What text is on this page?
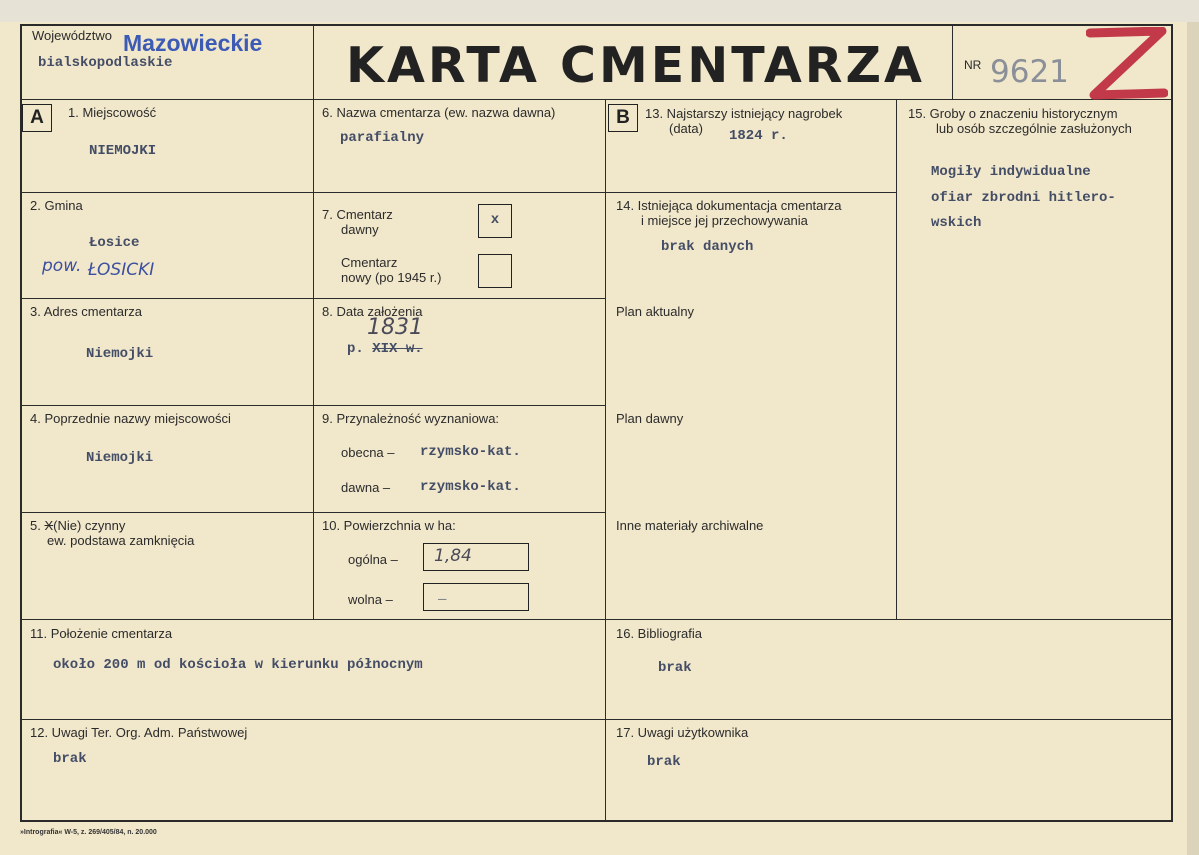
Województwo Mazowieckie
bialskopodlaskie	KARTA CMENTARZA	NR 9621
A	1. Miejscowość
NIEMOJKI
2. Gmina
Łosice
pow. ŁOSICKI
3. Adres cmentarza
Niemojki
4. Poprzednie nazwy miejscowości
Niemojki
5. X(Nie) czynny
ew. podstawa zamknięcia
6. Nazwa cmentarza (ew. nazwa dawna)
parafialny
7. Cmentarz
dawny
x
Cmentarz
nowy (po 1945 r.)
8. Data założenia
1831
p. XIX w.
9. Przynależność wyznaniowa:
obecna – rzymsko-kat.
dawna – rzymsko-kat.
10. Powierzchnia w ha:
ogólna – 1,84
wolna –	_
11. Położenie cmentarza
około 200 m od kościoła w kierunku północnym
12. Uwagi Ter. Org. Adm. Państwowej
brak
B	13. Najstarszy istniejący nagrobek
(data) 1824 r.
14. Istniejąca dokumentacja cmentarza
i miejsce jej przechowywania
brak danych
Plan aktualny
Plan dawny
Inne materiały archiwalne
15. Groby o znaczeniu historycznym
lub osób szczególnie zasłużonych
Mogiły indywidualne
ofiar zbrodni hitlero-
wskich
16. Bibliografia
brak
17. Uwagi użytkownika
brak
»Intrografia« W-5, z. 269/405/84, n. 20.000
